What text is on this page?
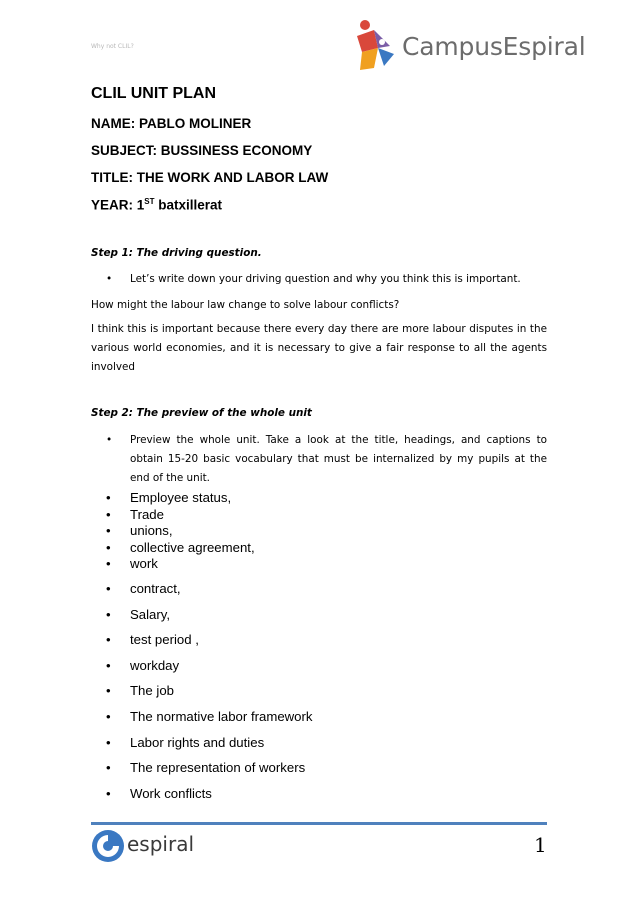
Why not CLIL?	CampusEspiral
CLIL UNIT PLAN
NAME: PABLO MOLINER
SUBJECT: BUSSINESS ECONOMY
TITLE: THE WORK AND LABOR LAW
YEAR: 1ST batxillerat
Step 1: The driving question.
• Let’s write down your driving question and why you think this is important.
How might the labour law change to solve labour conflicts?
I think this is important because there every day there are more labour disputes in the various world economies, and it is necessary to give a fair response to all the agents involved
Step 2: The preview of the whole unit
• Preview the whole unit. Take a look at the title, headings, and captions to obtain 15-20 basic vocabulary that must be internalized by my pupils at the end of the unit.
• Employee status,
• Trade
• unions,
• collective agreement,
• work
• contract,
• Salary,
• test period ,
• workday
• The job
• The normative labor framework
• Labor rights and duties
• The representation of workers
• Work conflicts
espiral	1
